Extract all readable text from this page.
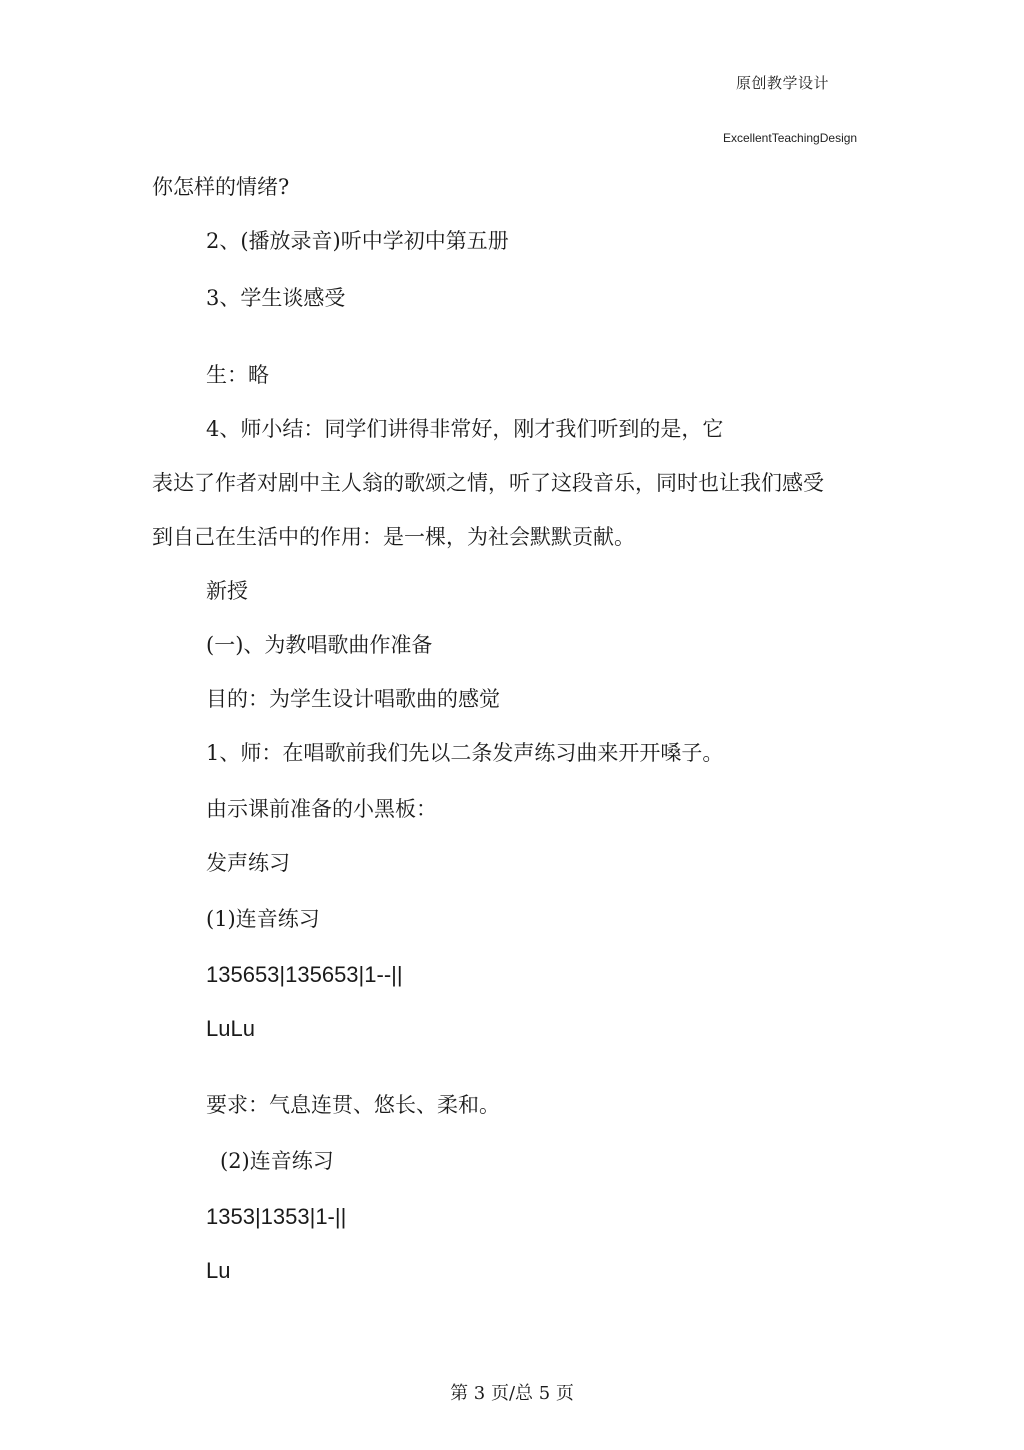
原创教学设计
ExcellentTeachingDesign
你怎样的情绪?
2、(播放录音)听中学初中第五册
3、学生谈感受
生：略
4、师小结：同学们讲得非常好，刚才我们听到的是，它
表达了作者对剧中主人翁的歌颂之情，听了这段音乐，同时也让我们感受
到自己在生活中的作用：是一棵，为社会默默贡献。
新授
(一)、为教唱歌曲作准备
目的：为学生设计唱歌曲的感觉
1、师：在唱歌前我们先以二条发声练习曲来开开嗓子。
由示课前准备的小黑板：
发声练习
(1)连音练习
135653|135653|1--||
LuLu
要求：气息连贯、悠长、柔和。
(2)连音练习
1353|1353|1-||
Lu
第 3 页/总 5 页
